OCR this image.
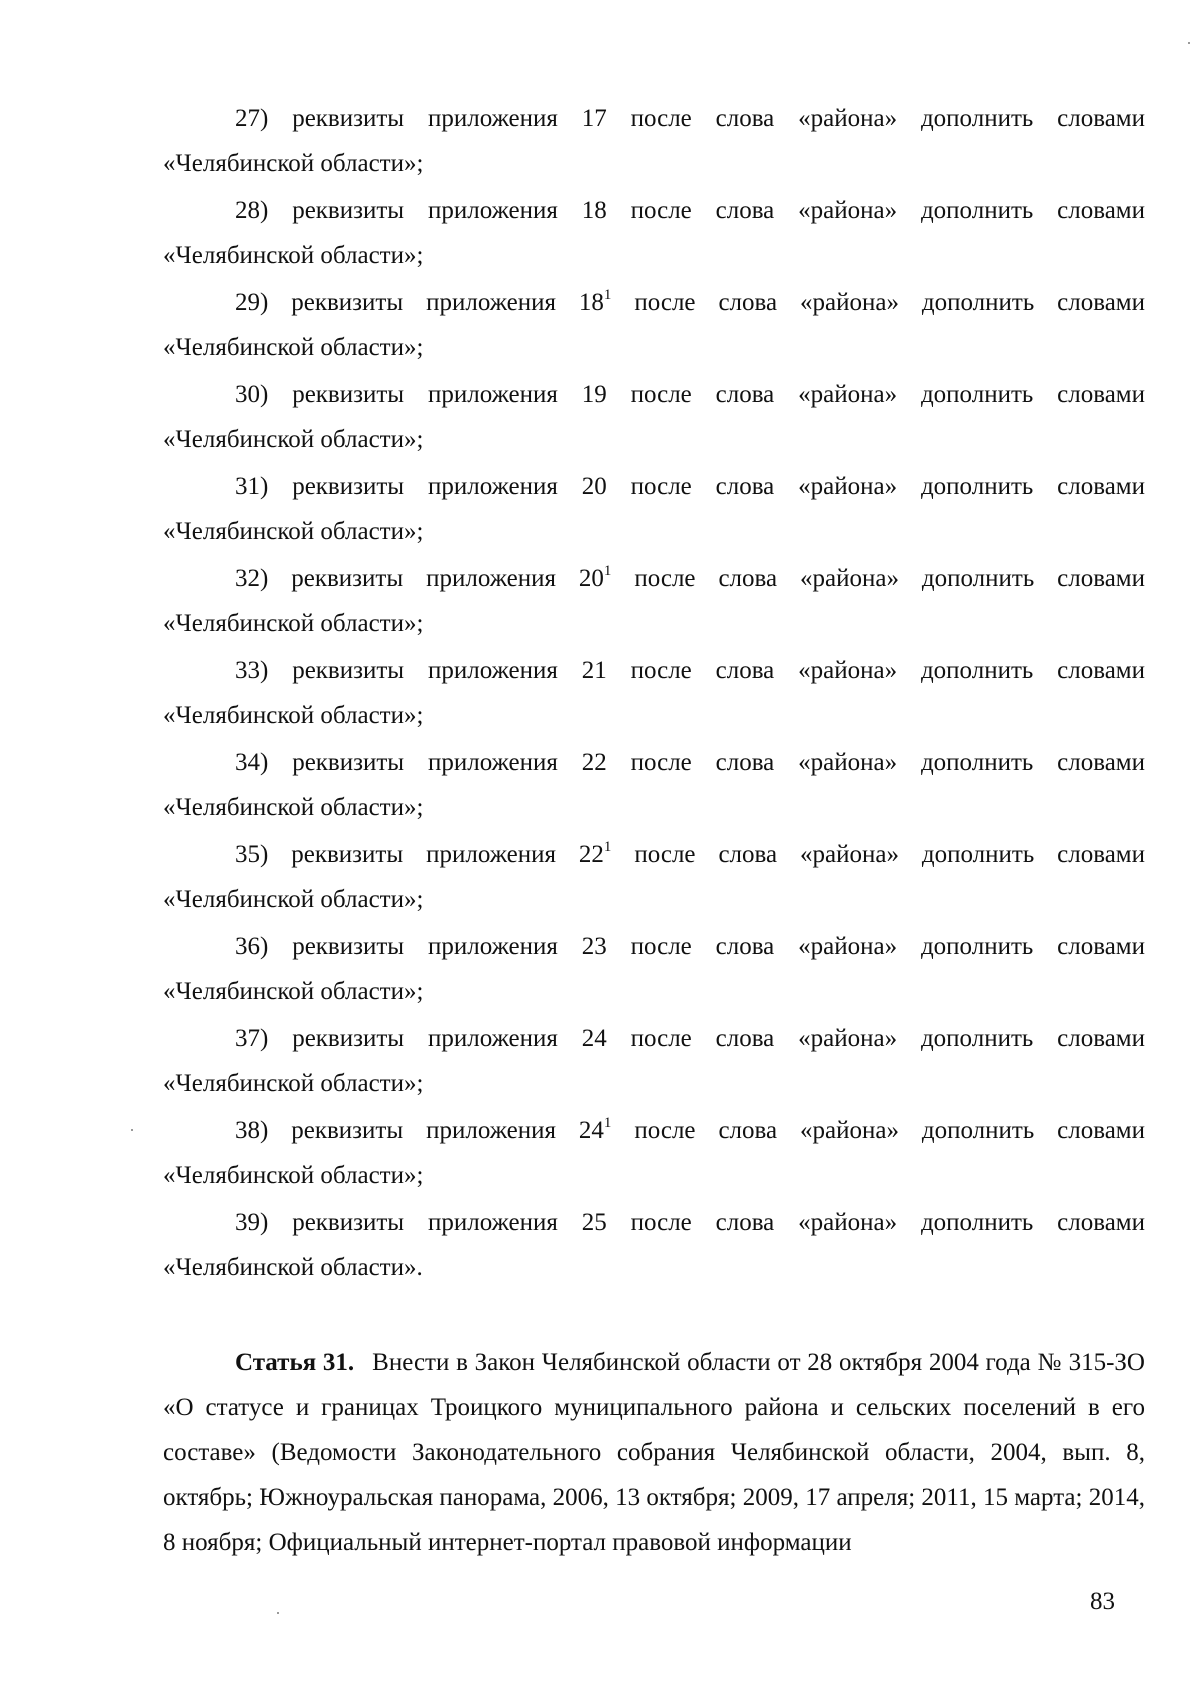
27) реквизиты приложения 17 после слова «района» дополнить словами «Челябинской области»;

28) реквизиты приложения 18 после слова «района» дополнить словами «Челябинской области»;

29) реквизиты приложения $18^1$ после слова «района» дополнить словами «Челябинской области»;

30) реквизиты приложения 19 после слова «района» дополнить словами «Челябинской области»;

31) реквизиты приложения 20 после слова «района» дополнить словами «Челябинской области»;

32) реквизиты приложения $20^1$ после слова «района» дополнить словами «Челябинской области»;

33) реквизиты приложения 21 после слова «района» дополнить словами «Челябинской области»;

34) реквизиты приложения 22 после слова «района» дополнить словами «Челябинской области»;

35) реквизиты приложения $22^1$ после слова «района» дополнить словами «Челябинской области»;

36) реквизиты приложения 23 после слова «района» дополнить словами «Челябинской области»;

37) реквизиты приложения 24 после слова «района» дополнить словами «Челябинской области»;

38) реквизиты приложения $24^1$ после слова «района» дополнить словами «Челябинской области»;

39) реквизиты приложения 25 после слова «района» дополнить словами «Челябинской области».

Статья 31. Внести в Закон Челябинской области от 28 октября 2004 года № 315-ЗО «О статусе и границах Троицкого муниципального района и сельских поселений в его составе» (Ведомости Законодательного собрания Челябинской области, 2004, вып. 8, октябрь; Южноуральская панорама, 2006, 13 октября; 2009, 17 апреля; 2011, 15 марта; 2014, 8 ноября; Официальный интернет-портал правовой информации

83
